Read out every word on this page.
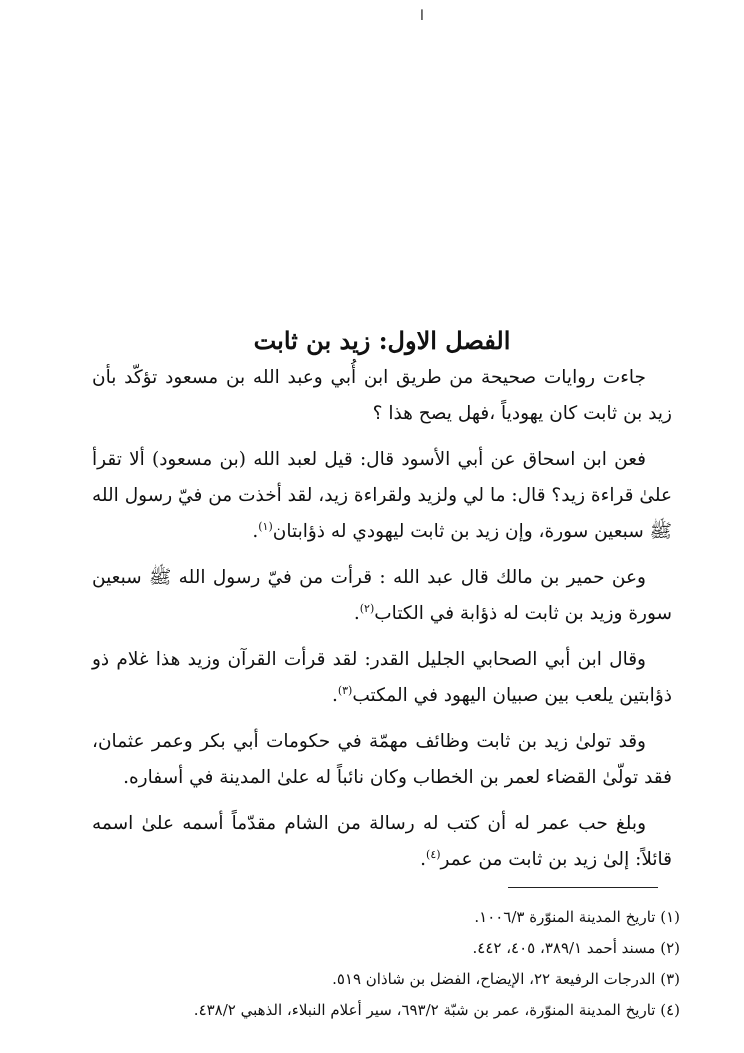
ا
الفصل الاول: زيد بن ثابت

جاءت روايات صحيحة من طريق ابن أُبي وعبد الله بن مسعود تؤكّد بأن زيد بن ثابت كان يهودياً ،فهل يصح هذا ؟

فعن ابن اسحاق عن أبي الأسود قال: قيل لعبد الله (بن مسعود) ألا تقرأ علىٰ قراءة زيد؟ قال: ما لي ولزيد ولقراءة زيد، لقد أخذت من فيّ رسول الله ﷺ سبعين سورة، وإن زيد بن ثابت ليهودي له ذؤابتان$^{(١)}$.

وعن حمير بن مالك قال عبد الله : قرأت من فيّ رسول الله ﷺ سبعين سورة وزيد بن ثابت له ذؤابة في الكتاب$^{(٢)}$.

وقال ابن أبي الصحابي الجليل القدر: لقد قرأت القرآن وزيد هذا غلام ذو ذؤابتين يلعب بين صبيان اليهود في المكتب$^{(٣)}$.

وقد تولىٰ زيد بن ثابت وظائف مهمّة في حكومات أبي بكر وعمر عثمان، فقد تولّىٰ القضاء لعمر بن الخطاب وكان نائباً له علىٰ المدينة في أسفاره.

وبلغ حب عمر له أن كتب له رسالة من الشام مقدّماً أسمه علىٰ اسمه قائلاً: إلىٰ زيد بن ثابت من عمر$^{(٤)}$.

(١) تاريخ المدينة المنوّرة ١٠٠٦/٣.
(٢) مسند أحمد ٣٨٩/١، ٤٠٥، ٤٤٢.
(٣) الدرجات الرفيعة ٢٢، الإيضاح، الفضل بن شاذان ٥١٩.
(٤) تاريخ المدينة المنوّرة، عمر بن شبّة ٦٩٣/٢، سير أعلام النبلاء، الذهبي ٤٣٨/٢.
